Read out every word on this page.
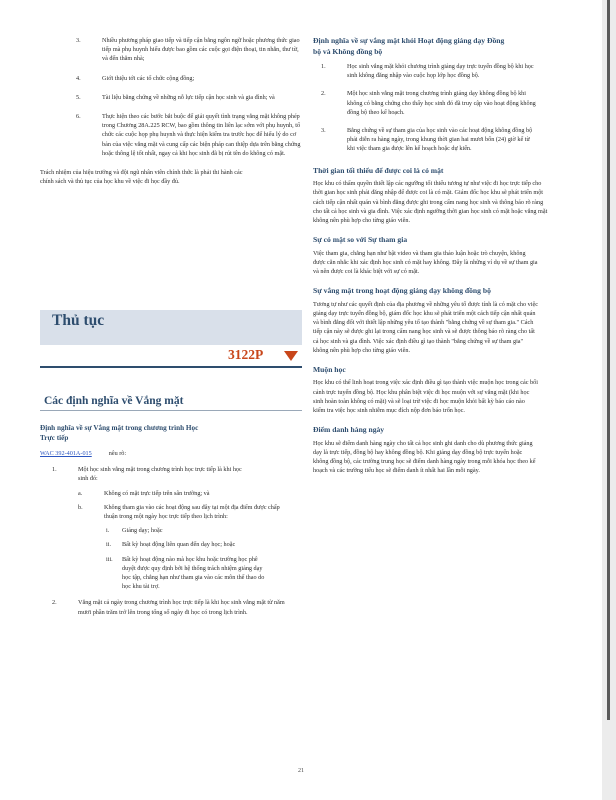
3.	Nhiều phương pháp giao tiếp và tiếp cận bằng ngôn ngữ hoặc phương thức giao tiếp mà phụ huynh hiểu được bao gồm các cuộc gọi điện thoại, tin nhắn, thư từ, và đến thăm nhà;

4.	Giới thiệu tới các tổ chức cộng đồng;

5.	Tài liệu bằng chứng về những nỗ lực tiếp cận học sinh và gia đình; và

6.	Thực hiện theo các bước bắt buộc để giải quyết tình trạng vắng mặt không phép trong Chương 28A.225 RCW, bao gồm thông tin liên lạc sớm với phụ huynh, tổ chức các cuộc họp phụ huynh và thực hiện kiểm tra trước học để hiểu lý do cơ bản của việc vắng mặt và cung cấp các biện pháp can thiệp dựa trên bằng chứng hoặc thông lệ tốt nhất, ngay cả khi học sinh đã bị rút tên do không có mặt.

Trách nhiệm của hiệu trưởng và đội ngũ nhân viên chính thức là phải thi hành các chính sách và thủ tục của học khu về việc đi học đầy đủ.

Thủ tục
3122P
Các định nghĩa về Vắng mặt

Định nghĩa về sự Vắng mặt trong chương trình Học Trực tiếp

WAC 392-401A-015	nêu rõ:

1.	Một học sinh vắng mặt trong chương trình học trực tiếp là khi học sinh đó:

a.	Không có mặt trực tiếp trên sân trường; và

b.	Không tham gia vào các hoạt động sau đây tại một địa điểm được chấp thuận trong một ngày học trực tiếp theo lịch trình:

i. Giảng dạy; hoặc

ii. Bất kỳ hoạt động liên quan đến dạy học; hoặc

iii. Bất kỳ hoạt động nào mà học khu hoặc trường học phê duyệt được quy định bởi hệ thống trách nhiệm giảng dạy học tập, chẳng hạn như tham gia vào các môn thể thao do học khu tài trợ.

2.	Vắng mặt cả ngày trong chương trình học trực tiếp là khi học sinh vắng mặt từ năm mươi phần trăm trở lên trong tổng số ngày đi học có trong lịch trình.

Định nghĩa về sự vắng mặt khỏi Hoạt động giảng dạy Đồng bộ và Không đồng bộ

1.	Học sinh vắng mặt khỏi chương trình giảng dạy trực tuyến đồng bộ khi học sinh không đăng nhập vào cuộc họp lớp học đồng bộ.

2.	Một học sinh vắng mặt trong chương trình giảng dạy không đồng bộ khi không có bằng chứng cho thấy học sinh đó đã truy cập vào hoạt động không đồng bộ theo kế hoạch.

3.	Bằng chứng về sự tham gia của học sinh vào các hoạt động không đồng bộ phải diễn ra hàng ngày, trong khung thời gian hai mươi bốn (24) giờ kể từ khi việc tham gia được lên kế hoạch hoặc dự kiến.

Thời gian tối thiểu để được coi là có mặt

Học khu có thẩm quyền thiết lập các ngưỡng tối thiểu tương tự như việc đi học trực tiếp cho thời gian học sinh phải đăng nhập để được coi là có mặt. Giám đốc học khu sẽ phát triển một cách tiếp cận nhất quán và bình đẳng được ghi trong cẩm nang học sinh và thông báo rõ ràng cho tất cả học sinh và gia đình. Việc xác định ngưỡng thời gian học sinh có mặt hoặc vắng mặt không nên phù hợp cho từng giáo viên.

Sự có mặt so với Sự tham gia

Việc tham gia, chẳng hạn như bật video và tham gia thảo luận hoặc trò chuyện, không được căn nhắc khi xác định học sinh có mặt hay không. Đây là những ví dụ về sự tham gia và nên được coi là khác biệt với sự có mặt.

Sự vắng mặt trong hoạt động giảng dạy không đồng bộ

Tương tự như các quyết định của địa phương về những yêu tố được tính là có mặt cho việc giảng dạy trực tuyến đồng bộ, giám đốc học khu sẽ phát triển một cách tiếp cận nhất quán và bình đẳng đối với thiết lập những yêu tố tạo thành "bằng chứng về sự tham gia." Cách tiếp cận này sẽ được ghi lại trong cẩm nang học sinh và sẽ được thông báo rõ ràng cho tất cả học sinh và gia đình. Việc xác định điều gì tạo thành "bằng chứng về sự tham gia" không nên phù hợp cho từng giáo viên.

Muộn học

Học khu có thể linh hoạt trong việc xác định điều gì tạo thành việc muộn học trong các bối cảnh trực tuyến đồng bộ. Học khu phân biệt việc đi học muộn với sự vắng mặt (khi học sinh hoàn toàn không có mặt) và sẽ loại trừ việc đi học muộn khỏi bất kỳ báo cáo nào kiểm tra việc học sinh nhiễm mục đích nộp đơn báo trốn học.

Điểm danh hàng ngày

Học khu sẽ điểm danh hàng ngày cho tất cả học sinh ghi danh cho dù phương thức giảng dạy là trực tiếp, đồng bộ hay không đồng bộ. Khi giảng dạy đồng bộ trực tuyến hoặc không đồng bộ, các trường trung học sẽ điểm danh hàng ngày trong mỗi khóa học theo kế hoạch và các trường tiểu học sẽ điểm danh ít nhất hai lần mỗi ngày.

21
